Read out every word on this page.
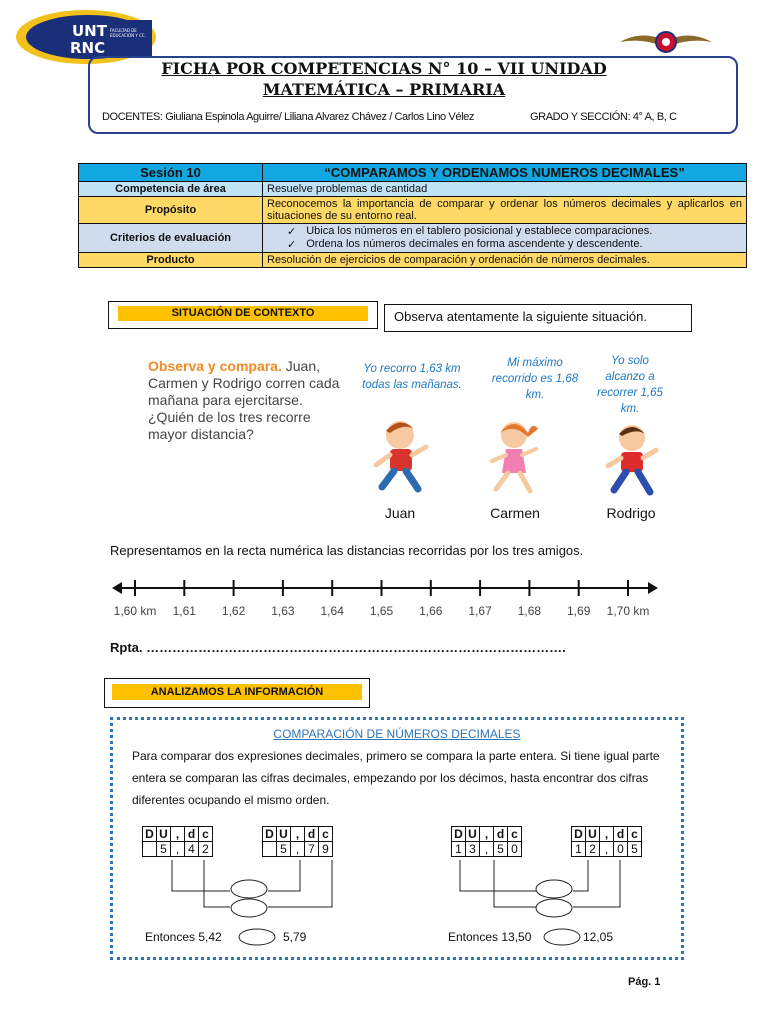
UNT
RNC
FACULTAD DE
EDUCACIÓN Y CC.
FICHA POR COMPETENCIAS N° 10 – VII UNIDAD
MATEMÁTICA – PRIMARIA
DOCENTES: Giuliana Espinola Aguirre/ Liliana Alvarez Chávez / Carlos Lino Vélez	GRADO Y SECCIÓN: 4° A, B, C
Sesión 10	“COMPARAMOS Y ORDENAMOS NUMEROS DECIMALES”
Competencia de área	Resuelve problemas de cantidad
Propósito	Reconocemos la importancia de comparar y ordenar los números decimales y aplicarlos en situaciones de su entorno real.
Criterios de evaluación	✓ Ubica los números en el tablero posicional y establece comparaciones.
✓ Ordena los números decimales en forma ascendente y descendente.

Producto	Resolución de ejercicios de comparación y ordenación de números decimales.
SITUACIÓN DE CONTEXTO	Observa atentamente la siguiente situación.
Observa y compara. Juan, Carmen y Rodrigo corren cada mañana para ejercitarse. ¿Quién de los tres recorre mayor distancia?
Yo recorro 1,63 km todas las mañanas.
Mi máximo recorrido es 1,68 km.
Yo solo alcanzo a recorrer 1,65 km.
Juan	Carmen	Rodrigo
Representamos en la recta numérica las distancias recorridas por los tres amigos.
1,60 km 1,61 1,62 1,63 1,64 1,65 1,66 1,67 1,68 1,69 1,70 km
Rpta. …………………………………………………………………………………….
ANALIZAMOS LA INFORMACIÓN
COMPARACIÓN DE NÚMEROS DECIMALES
Para comparar dos expresiones decimales, primero se compara la parte entera. Si tiene igual parte entera se comparan las cifras decimales, empezando por los décimos, hasta encontrar dos cifras diferentes ocupando el mismo orden.
D	U	,	d	c
	5	,	4	2
D	U	,	d	c
	5	,	7	9
D	U	,	d	c
1	3	,	5	0
D	U	,	d	c
1	2	,	0	5
Entonces 5,42	5,79	Entonces 13,50	12,05
Pág. 1
